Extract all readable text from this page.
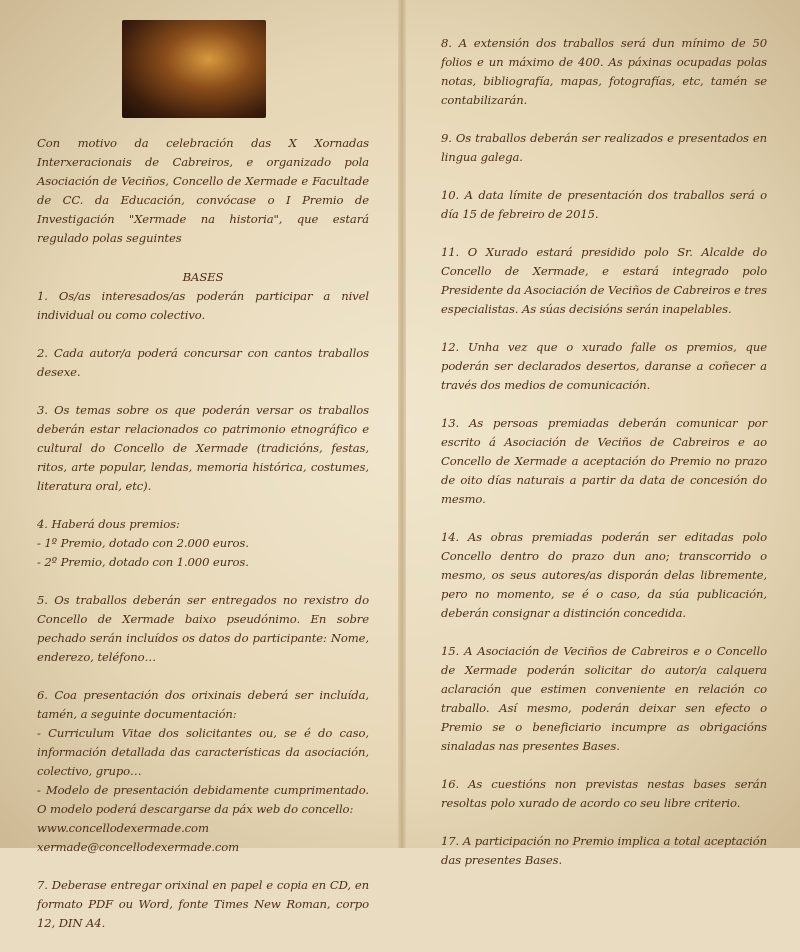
Con motivo da celebración das X Xornadas Interxeracionais de Cabreiros, e organizado pola Asociación de Veciños, Concello de Xermade e Facultade de CC. da Educación, convócase o I Premio de Investigación "Xermade na historia", que estará regulado polas seguintes

BASES

1. Os/as interesados/as poderán participar a nivel individual ou como colectivo.

2. Cada autor/a poderá concursar con cantos traballos desexe.

3. Os temas sobre os que poderán versar os traballos deberán estar relacionados co patrimonio etnográfico e cultural do Concello de Xermade (tradicións, festas, ritos, arte popular, lendas, memoria histórica, costumes, literatura oral, etc).

4. Haberá dous premios:

- 1º Premio, dotado con 2.000 euros.

- 2º Premio, dotado con 1.000 euros.

5. Os traballos deberán ser entregados no rexistro do Concello de Xermade baixo pseudónimo. En sobre pechado serán incluídos os datos do participante: Nome, enderezo, teléfono…

6. Coa presentación dos orixinais deberá ser incluída, tamén, a seguinte documentación:

- Curriculum Vitae dos solicitantes ou, se é do caso, información detallada das características da asociación, colectivo, grupo…

- Modelo de presentación debidamente cumprimentado. O modelo poderá descargarse da páx web do concello:

www.concellodexermade.com xermade@concellodexermade.com

7. Deberase entregar orixinal en papel e copia en CD, en formato PDF ou Word, fonte Times New Roman, corpo 12, DIN A4.

8. A extensión dos traballos será dun mínimo de 50 folios e un máximo de 400. As páxinas ocupadas polas notas, bibliografía, mapas, fotografías, etc, tamén se contabilizarán.

9. Os traballos deberán ser realizados e presentados en lingua galega.

10. A data límite de presentación dos traballos será o día 15 de febreiro de 2015.

11. O Xurado estará presidido polo Sr. Alcalde do Concello de Xermade, e estará integrado polo Presidente da Asociación de Veciños de Cabreiros e tres especialistas. As súas decisións serán inapelables.

12. Unha vez que o xurado falle os premios, que poderán ser declarados desertos, daranse a coñecer a través dos medios de comunicación.

13. As persoas premiadas deberán comunicar por escrito á Asociación de Veciños de Cabreiros e ao Concello de Xermade a aceptación do Premio no prazo de oito días naturais a partir da data de concesión do mesmo.

14. As obras premiadas poderán ser editadas polo Concello dentro do prazo dun ano; transcorrido o mesmo, os seus autores/as disporán delas libremente, pero no momento, se é o caso, da súa publicación, deberán consignar a distinción concedida.

15. A Asociación de Veciños de Cabreiros e o Concello de Xermade poderán solicitar do autor/a calquera aclaración que estimen conveniente en relación co traballo. Así mesmo, poderán deixar sen efecto o Premio se o beneficiario incumpre as obrigacións sinaladas nas presentes Bases.

16. As cuestións non previstas nestas bases serán resoltas polo xurado de acordo co seu libre criterio.

17. A participación no Premio implica a total aceptación das presentes Bases.
